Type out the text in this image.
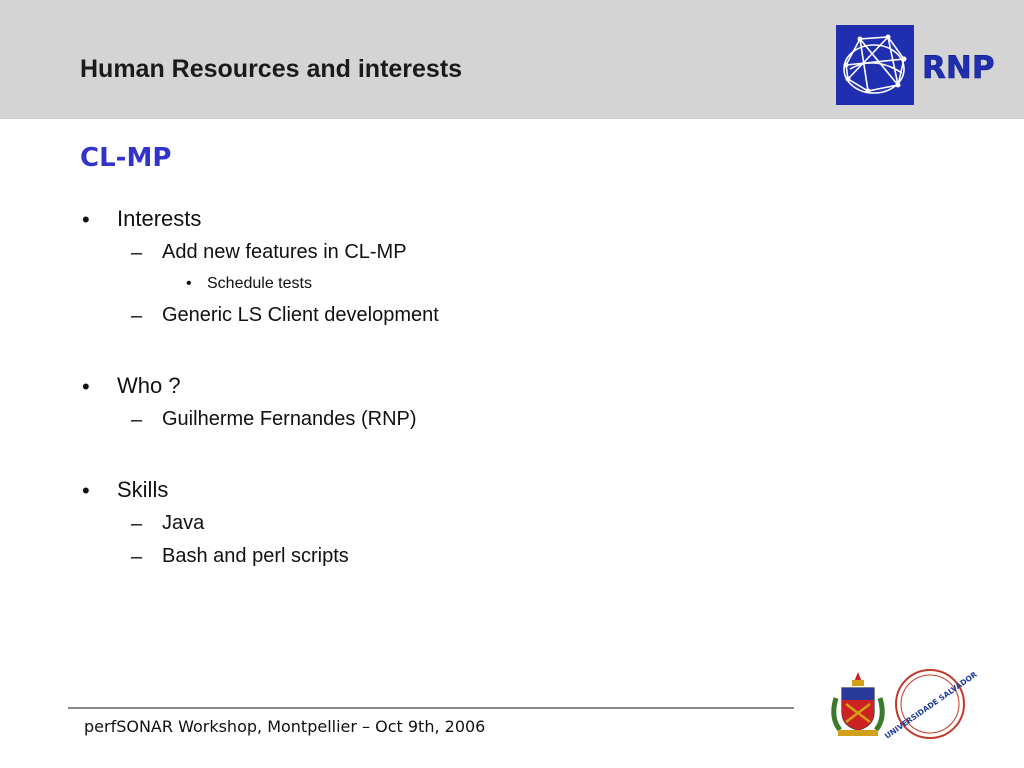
Human Resources and interests	RNP
CL-MP
• Interests
– Add new features in CL-MP
• Schedule tests
– Generic LS Client development
• Who ?
– Guilherme Fernandes (RNP)
• Skills
– Java
– Bash and perl scripts
perfSONAR Workshop, Montpellier – Oct 9th, 2006	UNIVERSIDADE SALVADOR
